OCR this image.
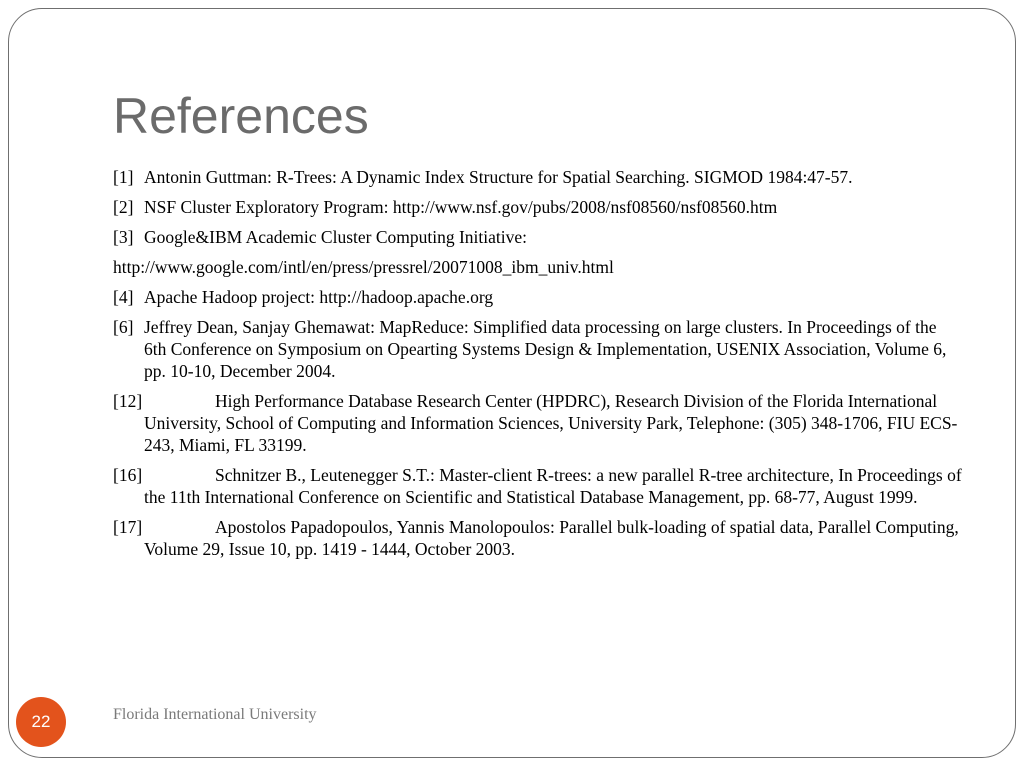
References

[1] Antonin Guttman: R-Trees: A Dynamic Index Structure for Spatial Searching. SIGMOD 1984:47-57.

[2] NSF Cluster Exploratory Program: http://www.nsf.gov/pubs/2008/nsf08560/nsf08560.htm

[3] Google&IBM Academic Cluster Computing Initiative:

http://www.google.com/intl/en/press/pressrel/20071008_ibm_univ.html

[4] Apache Hadoop project: http://hadoop.apache.org

[6] Jeffrey Dean, Sanjay Ghemawat: MapReduce: Simplified data processing on large clusters. In Proceedings of the 6th Conference on Symposium on Opearting Systems Design & Implementation, USENIX Association, Volume 6, pp. 10-10, December 2004.

[12]	High Performance Database Research Center (HPDRC), Research Division of the Florida International University, School of Computing and Information Sciences, University Park, Telephone: (305) 348-1706, FIU ECS-243, Miami, FL 33199.

[16]	Schnitzer B., Leutenegger S.T.: Master-client R-trees: a new parallel R-tree architecture, In Proceedings of the 11th International Conference on Scientific and Statistical Database Management, pp. 68-77, August 1999.

[17]	Apostolos Papadopoulos, Yannis Manolopoulos: Parallel bulk-loading of spatial data, Parallel Computing, Volume 29, Issue 10, pp. 1419 - 1444, October 2003.

22	Florida International University
